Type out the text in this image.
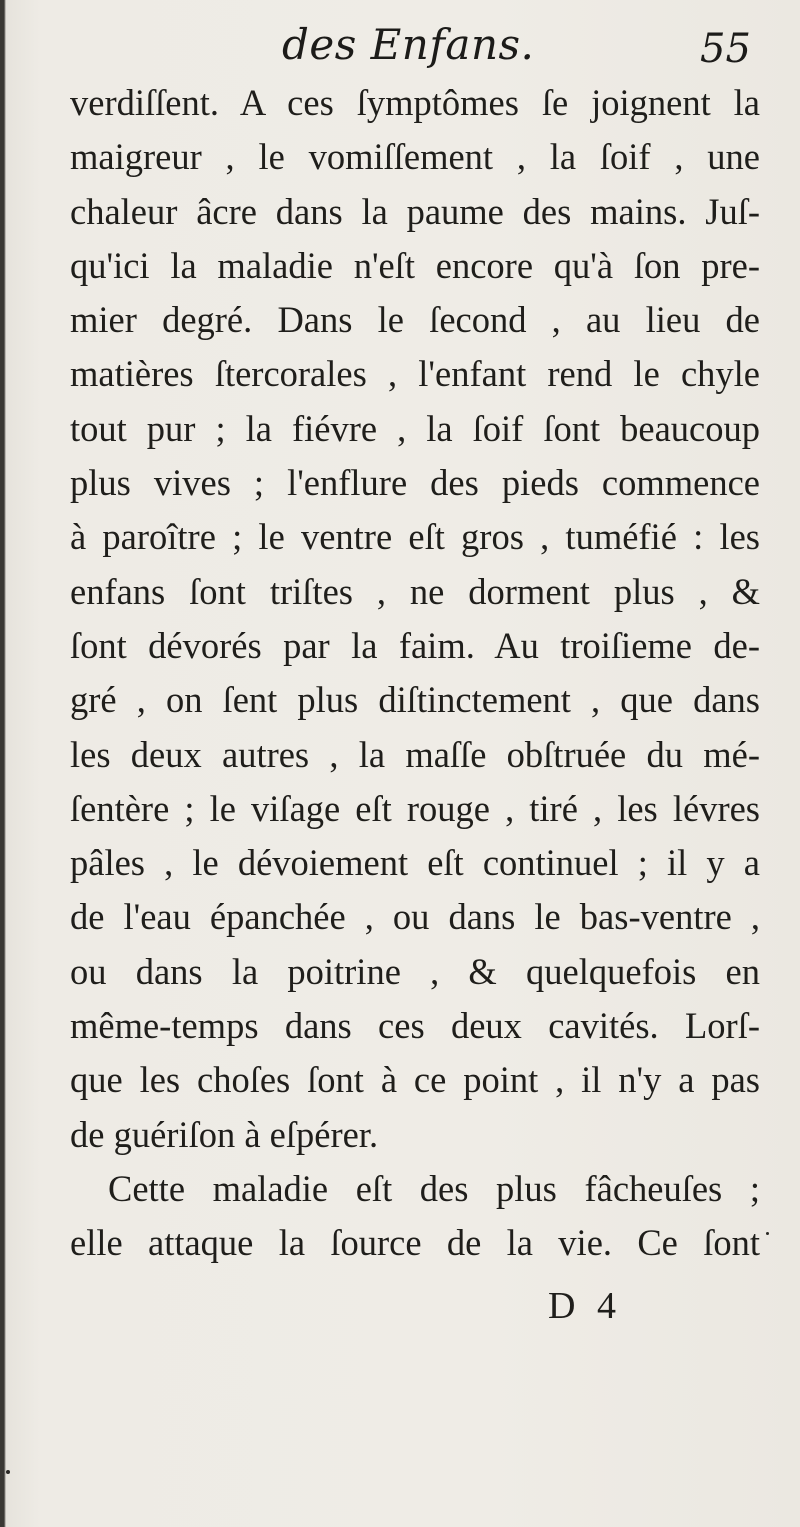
des Enfans.	55
verdiſſent. A ces ſymptômes ſe joignent la
maigreur , le vomiſſement , la ſoif , une
chaleur âcre dans la paume des mains. Juſ-
qu'ici la maladie n'eſt encore qu'à ſon pre-
mier degré. Dans le ſecond , au lieu de
matières ſtercorales , l'enfant rend le chyle
tout pur ; la fiévre , la ſoif ſont beaucoup
plus vives ; l'enflure des pieds commence
à paroître ; le ventre eſt gros , tuméfié : les
enfans ſont triſtes , ne dorment plus , &
ſont dévorés par la faim. Au troiſieme de-
gré , on ſent plus diſtinctement , que dans
les deux autres , la maſſe obſtruée du mé-
ſentère ; le viſage eſt rouge , tiré , les lévres
pâles , le dévoiement eſt continuel ; il y a
de l'eau épanchée , ou dans le bas-ventre ,
ou dans la poitrine , & quelquefois en
même-temps dans ces deux cavités. Lorſ-
que les choſes ſont à ce point , il n'y a pas
de guériſon à eſpérer.
Cette maladie eſt des plus fâcheuſes ;
elle attaque la ſource de la vie. Ce ſont
D 4
